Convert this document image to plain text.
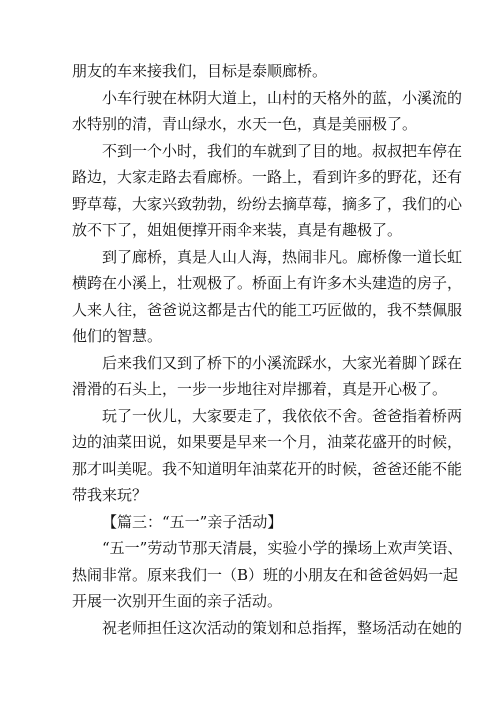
朋友的车来接我们，目标是泰顺廊桥。
小车行驶在林阴大道上，山村的天格外的蓝，小溪流的
水特别的清，青山绿水，水天一色，真是美丽极了。
不到一个小时，我们的车就到了目的地。叔叔把车停在
路边，大家走路去看廊桥。一路上，看到许多的野花，还有
野草莓，大家兴致勃勃，纷纷去摘草莓，摘多了，我们的心
放不下了，姐姐便撑开雨伞来装，真是有趣极了。
到了廊桥，真是人山人海，热闹非凡。廊桥像一道长虹
横跨在小溪上，壮观极了。桥面上有许多木头建造的房子，
人来人往，爸爸说这都是古代的能工巧匠做的，我不禁佩服
他们的智慧。
后来我们又到了桥下的小溪流踩水，大家光着脚丫踩在
滑滑的石头上，一步一步地往对岸挪着，真是开心极了。
玩了一伙儿，大家要走了，我依依不舍。爸爸指着桥两
边的油菜田说，如果要是早来一个月，油菜花盛开的时候，
那才叫美呢。我不知道明年油菜花开的时候，爸爸还能不能
带我来玩？
【篇三：“五一”亲子活动】
“五一”劳动节那天清晨，实验小学的操场上欢声笑语、
热闹非常。原来我们一（B）班的小朋友在和爸爸妈妈一起
开展一次别开生面的亲子活动。
祝老师担任这次活动的策划和总指挥，整场活动在她的
